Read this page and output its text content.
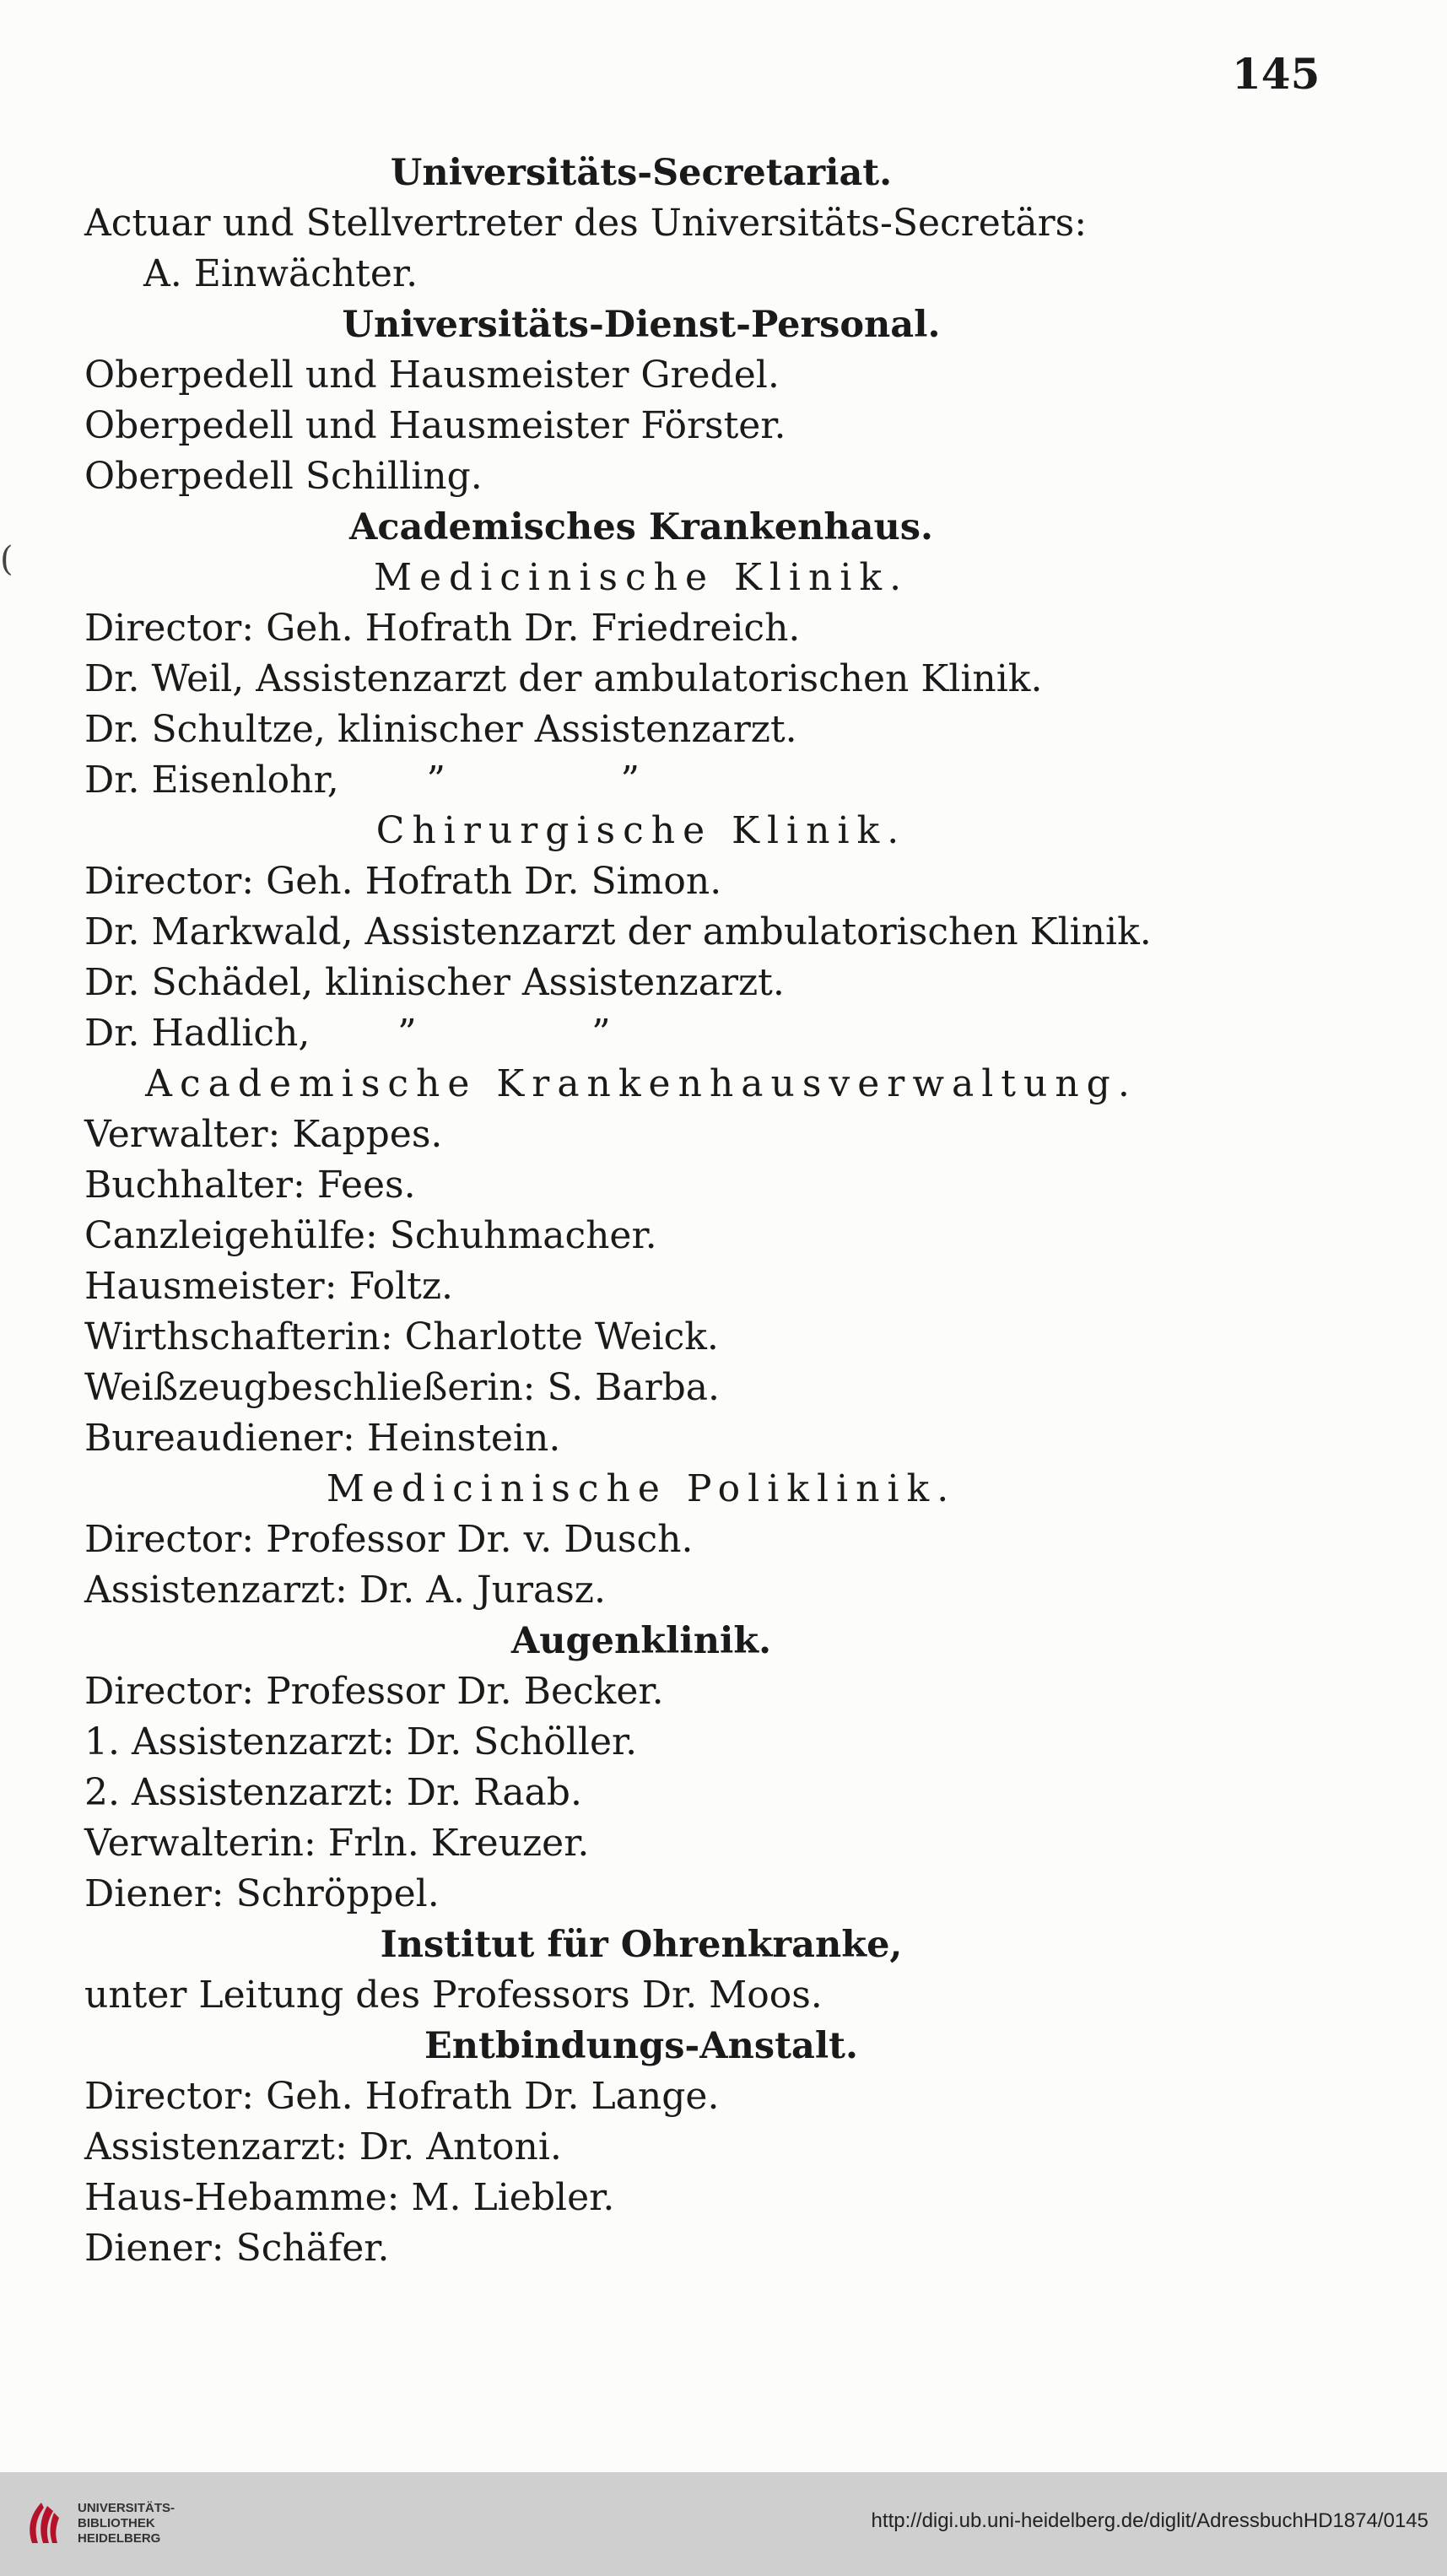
145
(
Universitäts-Secretariat.
Actuar und Stellvertreter des Universitäts-Secretärs:
A. Einwächter.
Universitäts-Dienst-Personal.
Oberpedell und Hausmeister Gredel.
Oberpedell und Hausmeister Förster.
Oberpedell Schilling.
Academisches Krankenhaus.
Medicinische Klinik.
Director: Geh. Hofrath Dr. Friedreich.
Dr. Weil, Assistenzarzt der ambulatorischen Klinik.
Dr. Schultze, klinischer Assistenzarzt.
Dr. Eisenlohr, ”	”
Chirurgische Klinik.
Director: Geh. Hofrath Dr. Simon.
Dr. Markwald, Assistenzarzt der ambulatorischen Klinik.
Dr. Schädel, klinischer Assistenzarzt.
Dr. Hadlich, ”	”
Academische Krankenhausverwaltung.
Verwalter: Kappes.
Buchhalter: Fees.
Canzleigehülfe: Schuhmacher.
Hausmeister: Foltz.
Wirthschafterin: Charlotte Weick.
Weißzeugbeschließerin: S. Barba.
Bureaudiener: Heinstein.
Medicinische Poliklinik.
Director: Professor Dr. v. Dusch.
Assistenzarzt: Dr. A. Jurasz.
Augenklinik.
Director: Professor Dr. Becker.
1. Assistenzarzt: Dr. Schöller.
2. Assistenzarzt: Dr. Raab.
Verwalterin: Frln. Kreuzer.
Diener: Schröppel.
Institut für Ohrenkranke,
unter Leitung des Professors Dr. Moos.
Entbindungs-Anstalt.
Director: Geh. Hofrath Dr. Lange.
Assistenzarzt: Dr. Antoni.
Haus-Hebamme: M. Liebler.
Diener: Schäfer.
UNIVERSITÄTS-
BIBLIOTHEK
HEIDELBERG
http://digi.ub.uni-heidelberg.de/diglit/AdressbuchHD1874/0145
